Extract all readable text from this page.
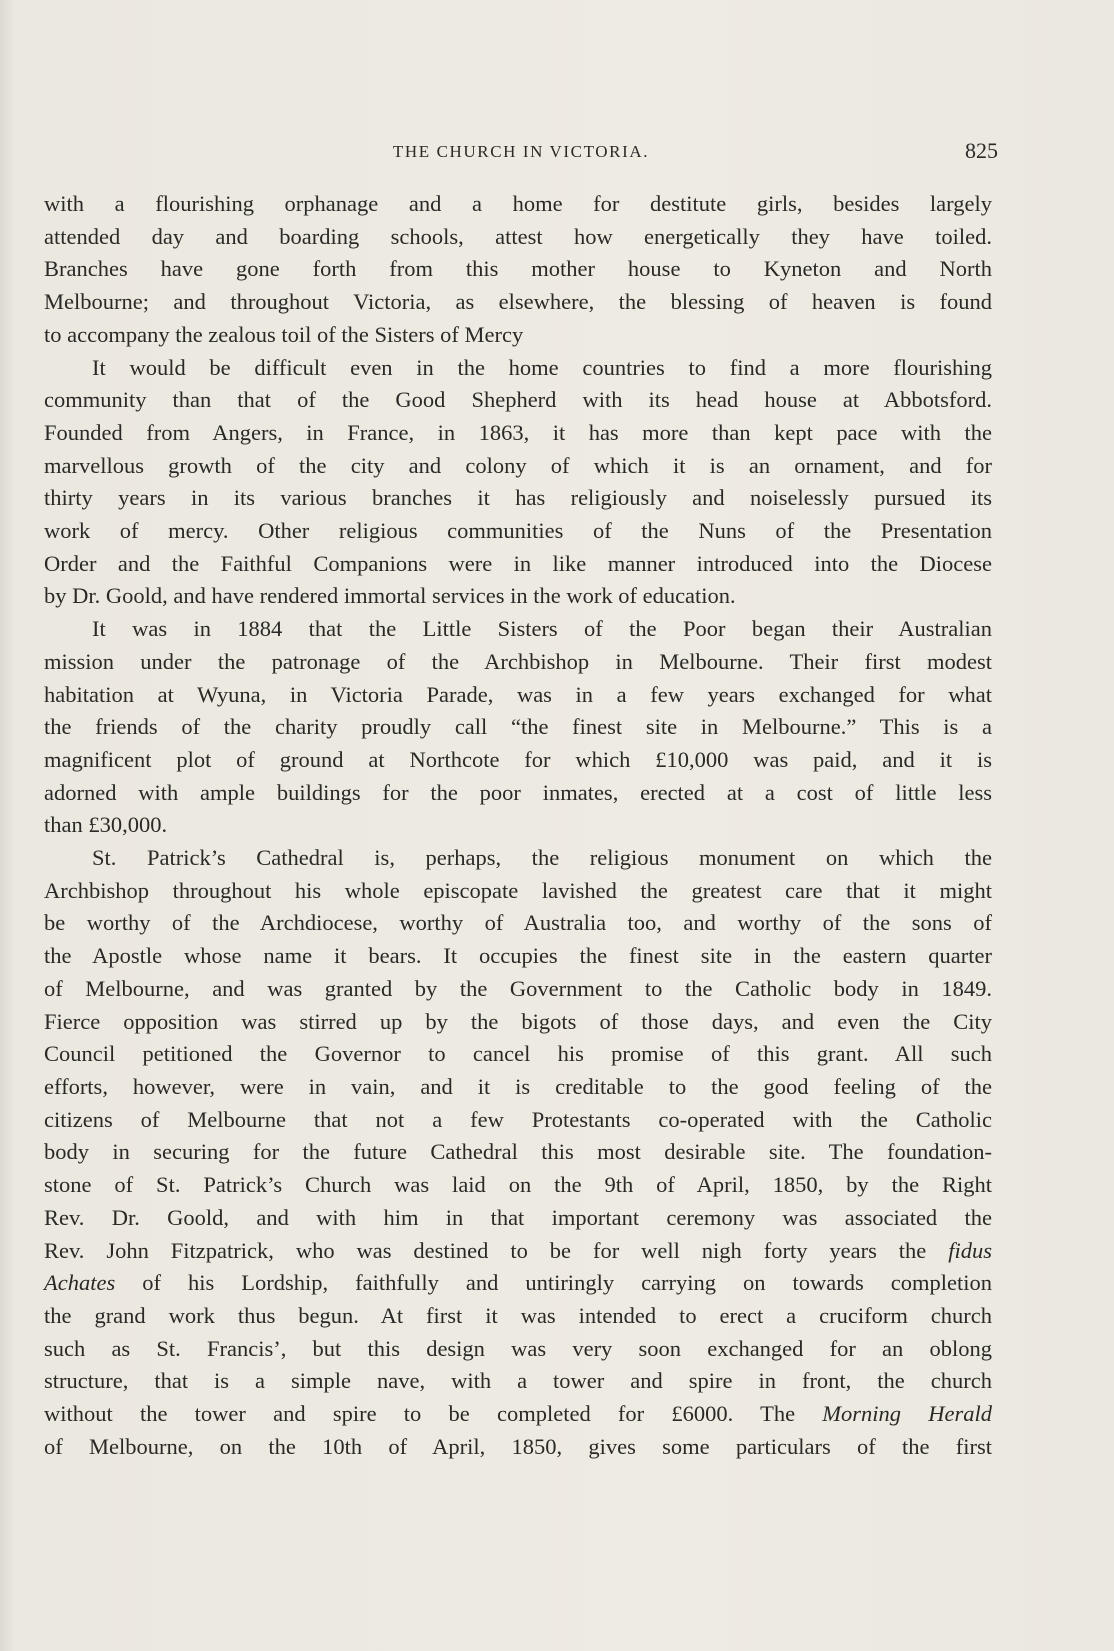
THE CHURCH IN VICTORIA.	825

with a flourishing orphanage and a home for destitute girls, besides largely
attended day and boarding schools, attest how energetically they have toiled.
Branches have gone forth from this mother house to Kyneton and North
Melbourne; and throughout Victoria, as elsewhere, the blessing of heaven is found
to accompany the zealous toil of the Sisters of Mercy

It would be difficult even in the home countries to find a more flourishing
community than that of the Good Shepherd with its head house at Abbotsford.
Founded from Angers, in France, in 1863, it has more than kept pace with the
marvellous growth of the city and colony of which it is an ornament, and for
thirty years in its various branches it has religiously and noiselessly pursued its
work of mercy. Other religious communities of the Nuns of the Presentation
Order and the Faithful Companions were in like manner introduced into the Diocese
by Dr. Goold, and have rendered immortal services in the work of education.

It was in 1884 that the Little Sisters of the Poor began their Australian
mission under the patronage of the Archbishop in Melbourne. Their first modest
habitation at Wyuna, in Victoria Parade, was in a few years exchanged for what
the friends of the charity proudly call “the finest site in Melbourne.” This is a
magnificent plot of ground at Northcote for which £10,000 was paid, and it is
adorned with ample buildings for the poor inmates, erected at a cost of little less
than £30,000.

St. Patrick’s Cathedral is, perhaps, the religious monument on which the
Archbishop throughout his whole episcopate lavished the greatest care that it might
be worthy of the Archdiocese, worthy of Australia too, and worthy of the sons of
the Apostle whose name it bears. It occupies the finest site in the eastern quarter
of Melbourne, and was granted by the Government to the Catholic body in 1849.
Fierce opposition was stirred up by the bigots of those days, and even the City
Council petitioned the Governor to cancel his promise of this grant. All such
efforts, however, were in vain, and it is creditable to the good feeling of the
citizens of Melbourne that not a few Protestants co-operated with the Catholic
body in securing for the future Cathedral this most desirable site. The foundation-
stone of St. Patrick’s Church was laid on the 9th of April, 1850, by the Right
Rev. Dr. Goold, and with him in that important ceremony was associated the
Rev. John Fitzpatrick, who was destined to be for well nigh forty years the fidus
Achates of his Lordship, faithfully and untiringly carrying on towards completion
the grand work thus begun. At first it was intended to erect a cruciform church
such as St. Francis’, but this design was very soon exchanged for an oblong
structure, that is a simple nave, with a tower and spire in front, the church
without the tower and spire to be completed for £6000. The Morning Herald
of Melbourne, on the 10th of April, 1850, gives some particulars of the first
